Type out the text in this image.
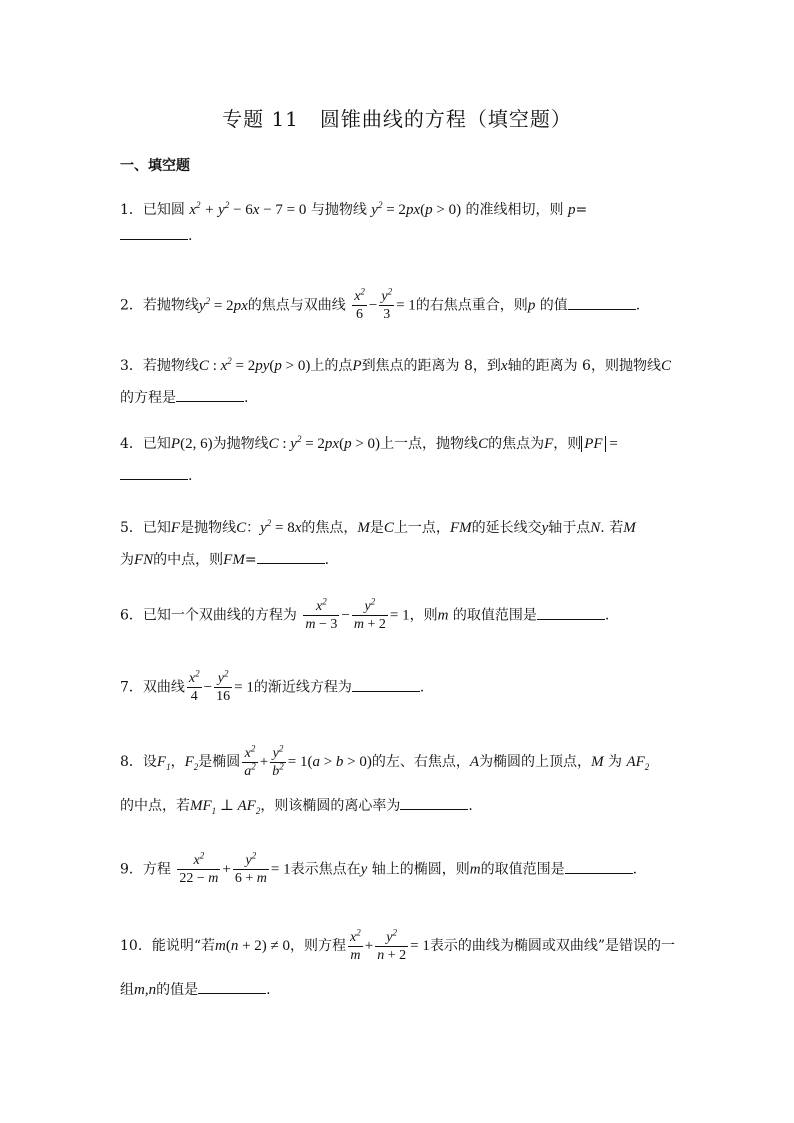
专题 11　圆锥曲线的方程（填空题）
一、填空题
1．已知圆 $x^2 + y^2 - 6x - 7 = 0$ 与抛物线 $y^2 = 2px(p > 0)$ 的准线相切，则 p=
.
2．若抛物线$y^2 = 2px$的焦点与双曲线 $\frac{x^2}{6} - \frac{y^2}{3} = 1$的右焦点重合，则p 的值	.
3．若抛物线C : $x^2 = 2py(p > 0)$上的点P到焦点的距离为 8，到x轴的距离为 6，则抛物线C的方程是	.
4．已知P(2, 6)为抛物线C : $y^2 = 2px(p > 0)$上一点，抛物线C的焦点为F，则 PF =
.
5．已知F是抛物线C：$y^2 = 8x$的焦点，M是C上一点，FM的延长线交y轴于点N. 若M
为FN的中点，则FM=	.
6．已知一个双曲线的方程为 $\frac{x^2}{m - 3} - \frac{y^2}{m + 2} = 1$，则m 的取值范围是	.
7．双曲线 $\frac{x^2}{4} - \frac{y^2}{16} = 1$的渐近线方程为	.
8．设$F_1$，$F_2$是椭圆 $\frac{x^2}{a^2} + \frac{y^2}{b^2} = 1(a > b > 0)$的左、右焦点，A为椭圆的上顶点，M 为 $AF_2$
的中点，若$MF_1$ ⊥ $AF_2$，则该椭圆的离心率为	.
9．方程 $\frac{x^2}{22 - m} + \frac{y^2}{6 + m} = 1$表示焦点在y 轴上的椭圆，则m的取值范围是	.
10．能说明“若m(n + 2) ≠ 0，则方程 $\frac{x^2}{m} + \frac{y^2}{n + 2} = 1$表示的曲线为椭圆或双曲线”是错误的一组m,n的值是	.
